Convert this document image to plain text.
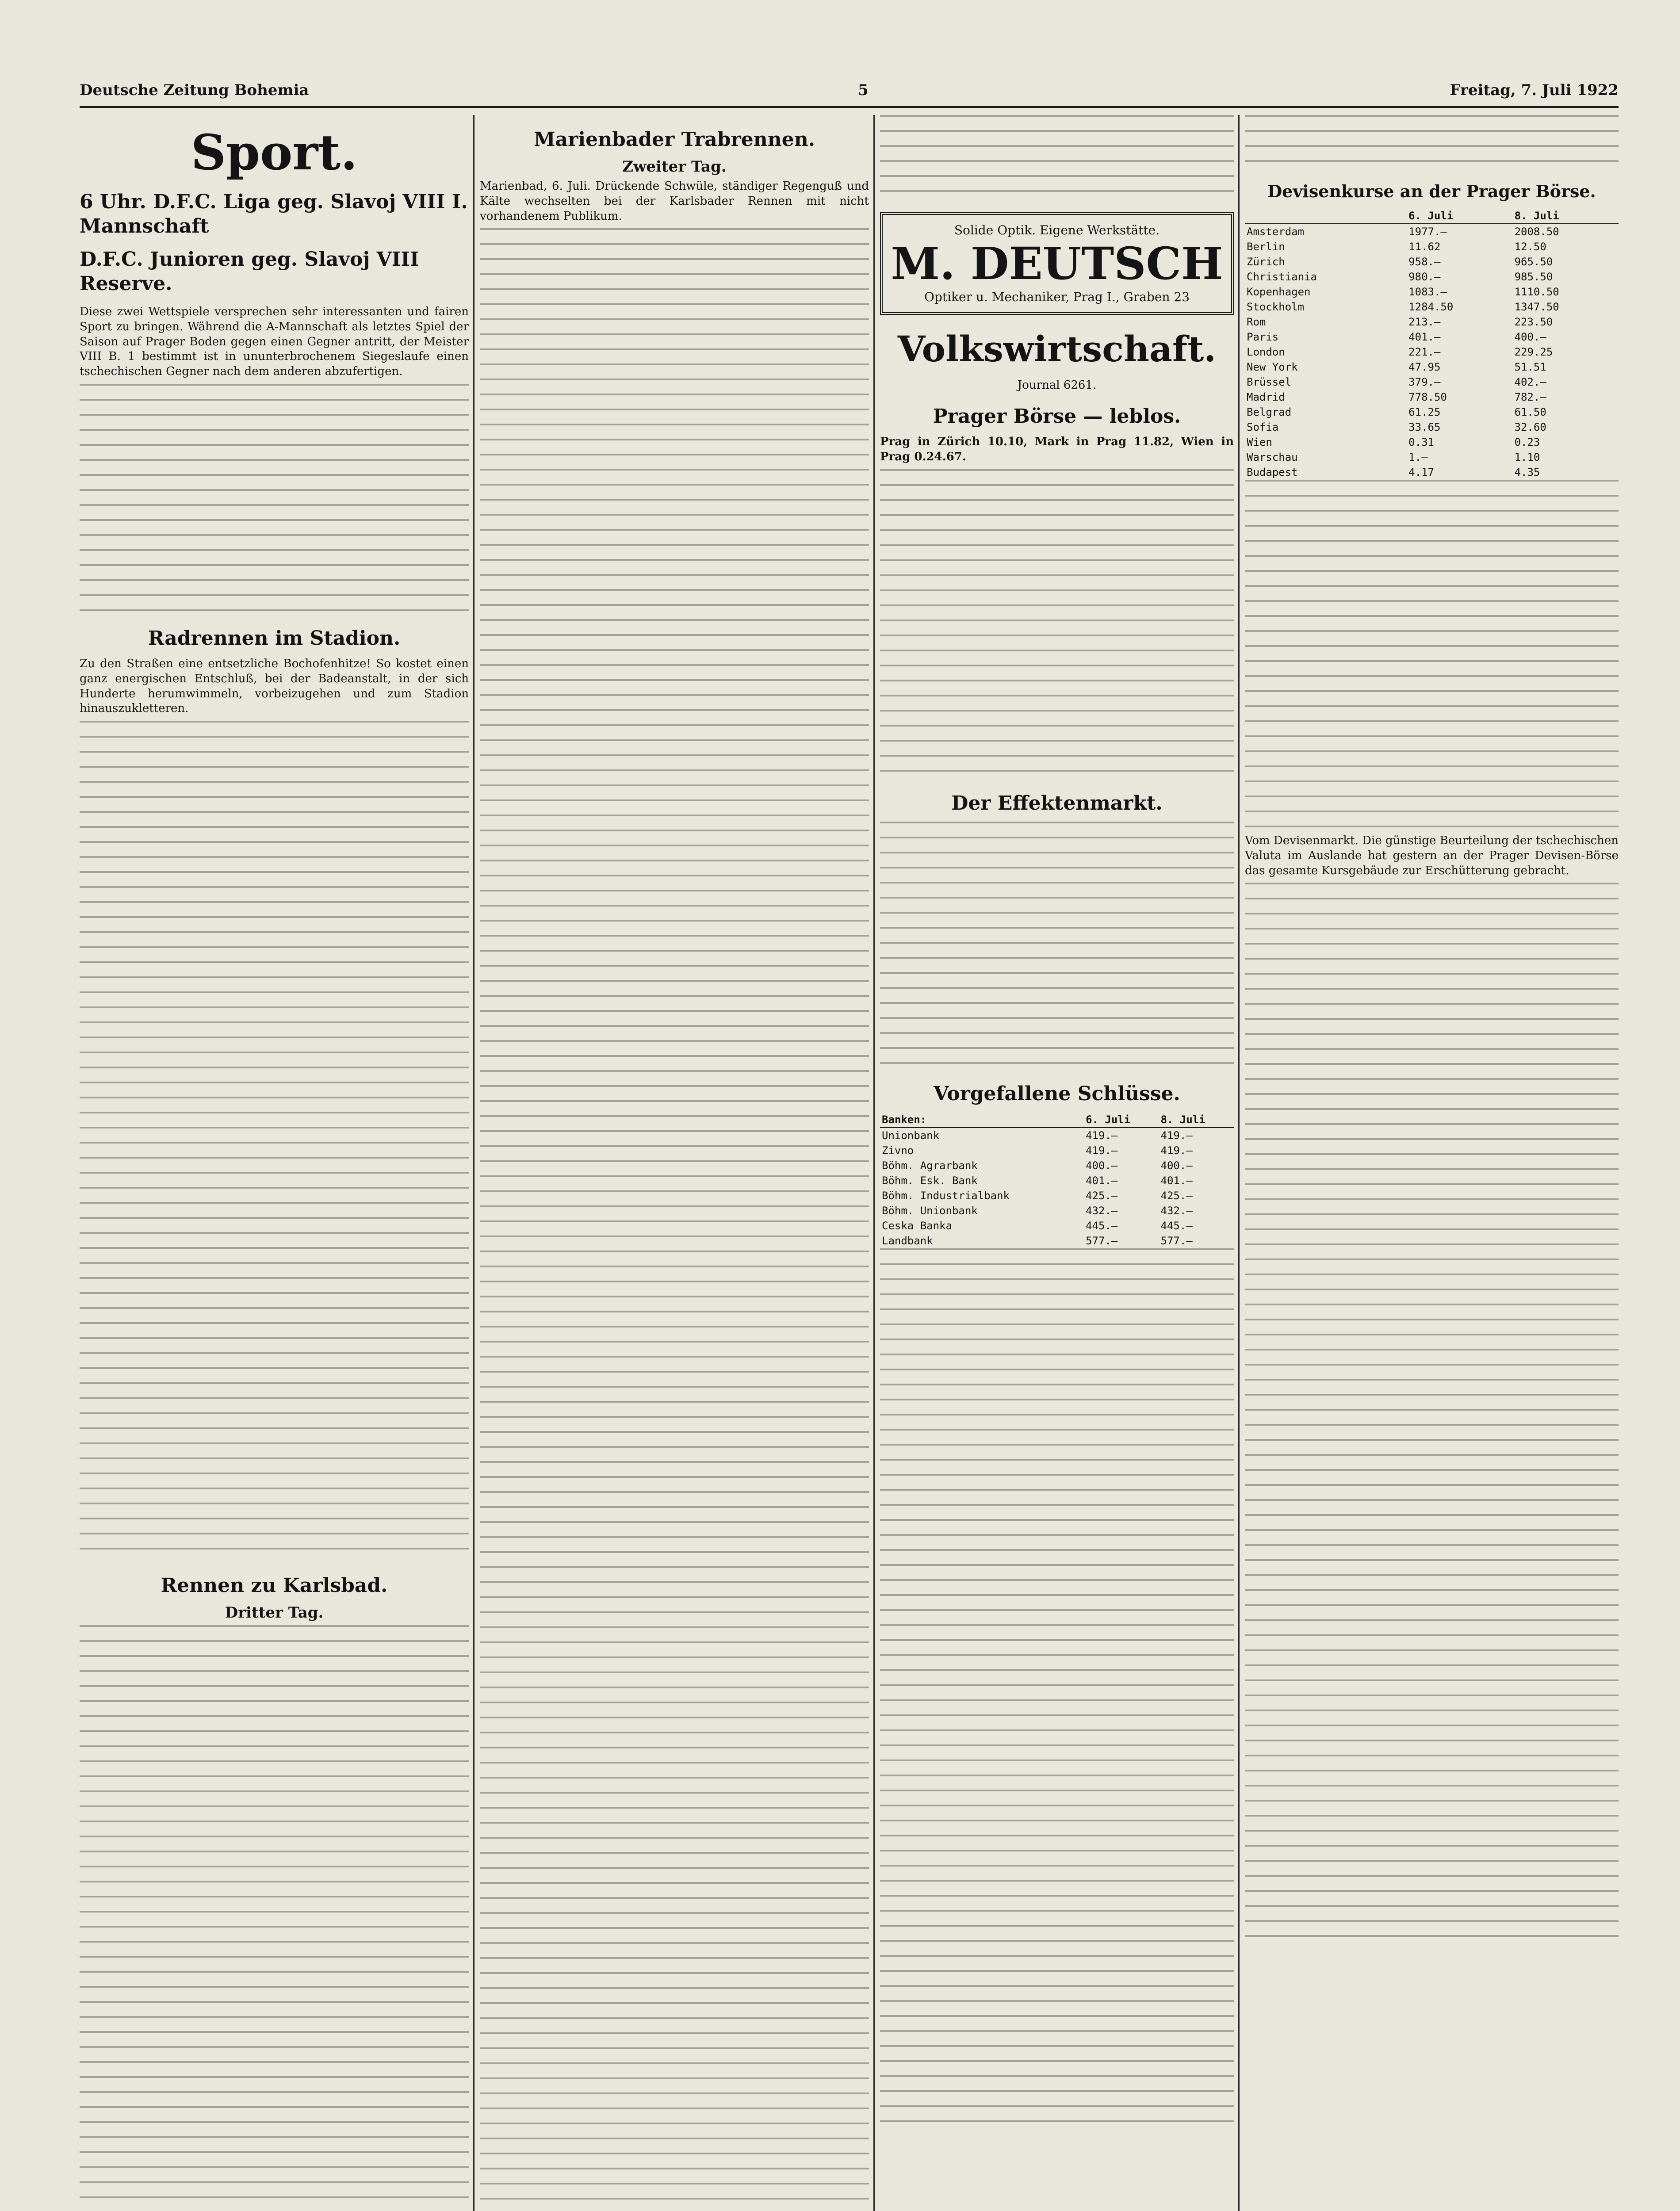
Deutsche Zeitung Bohemia	5	Freitag, 7. Juli 1922
Sport.
6 Uhr. D.F.C. Liga geg. Slavoj VIII I. Mannschaft
D.F.C. Junioren geg. Slavoj VIII Reserve.

Diese zwei Wettspiele versprechen sehr interessanten und fairen Sport zu bringen. Während die A-Mannschaft als letztes Spiel der Saison auf Prager Boden gegen einen Gegner antritt, der Meister VIII B. 1 bestimmt ist in ununterbrochenem Siegeslaufe einen tschechischen Gegner nach dem anderen abzufertigen.

Radrennen im Stadion.

Zu den Straßen eine entsetzliche Bochofenhitze! So kostet einen ganz energischen Entschluß, bei der Badeanstalt, in der sich Hunderte herumwimmeln, vorbeizugehen und zum Stadion hinauszukletteren.

Rennen zu Karlsbad.
Dritter Tag.
Marienbader Trabrennen.
Zweiter Tag.

Marienbad, 6. Juli. Drückende Schwüle, ständiger Regenguß und Kälte wechselten bei der Karlsbader Rennen mit nicht vorhandenem Publikum.

Solide Optik. Eigene Werkstätte.
M. DEUTSCH
Optiker u. Mechaniker, Prag I., Graben 23
Volkswirtschaft.
Journal 6261.
Prager Börse — leblos.

Prag in Zürich 10.10, Mark in Prag 11.82, Wien in Prag 0.24.67.

Der Effektenmarkt.
Vorgefallene Schlüsse.
Banken:	6. Juli	8. Juli
Unionbank	419.—	419.—
Zivno	419.—	419.—
Böhm. Agrarbank	400.—	400.—
Böhm. Esk. Bank	401.—	401.—
Böhm. Industrialbank	425.—	425.—
Böhm. Unionbank	432.—	432.—
Ceska Banka	445.—	445.—
Landbank	577.—	577.—
Devisenkurse an der Prager Börse.
	6. Juli	8. Juli
Amsterdam	1977.—	2008.50
Berlin	11.62	12.50
Zürich	958.—	965.50
Christiania	980.—	985.50
Kopenhagen	1083.—	1110.50
Stockholm	1284.50	1347.50
Rom	213.—	223.50
Paris	401.—	400.—
London	221.—	229.25
New York	47.95	51.51
Brüssel	379.—	402.—
Madrid	778.50	782.—
Belgrad	61.25	61.50
Sofia	33.65	32.60
Wien	0.31	0.23
Warschau	1.—	1.10
Budapest	4.17	4.35

Vom Devisenmarkt. Die günstige Beurteilung der tschechischen Valuta im Auslande hat gestern an der Prager Devisen-Börse das gesamte Kursgebäude zur Erschütterung gebracht.
